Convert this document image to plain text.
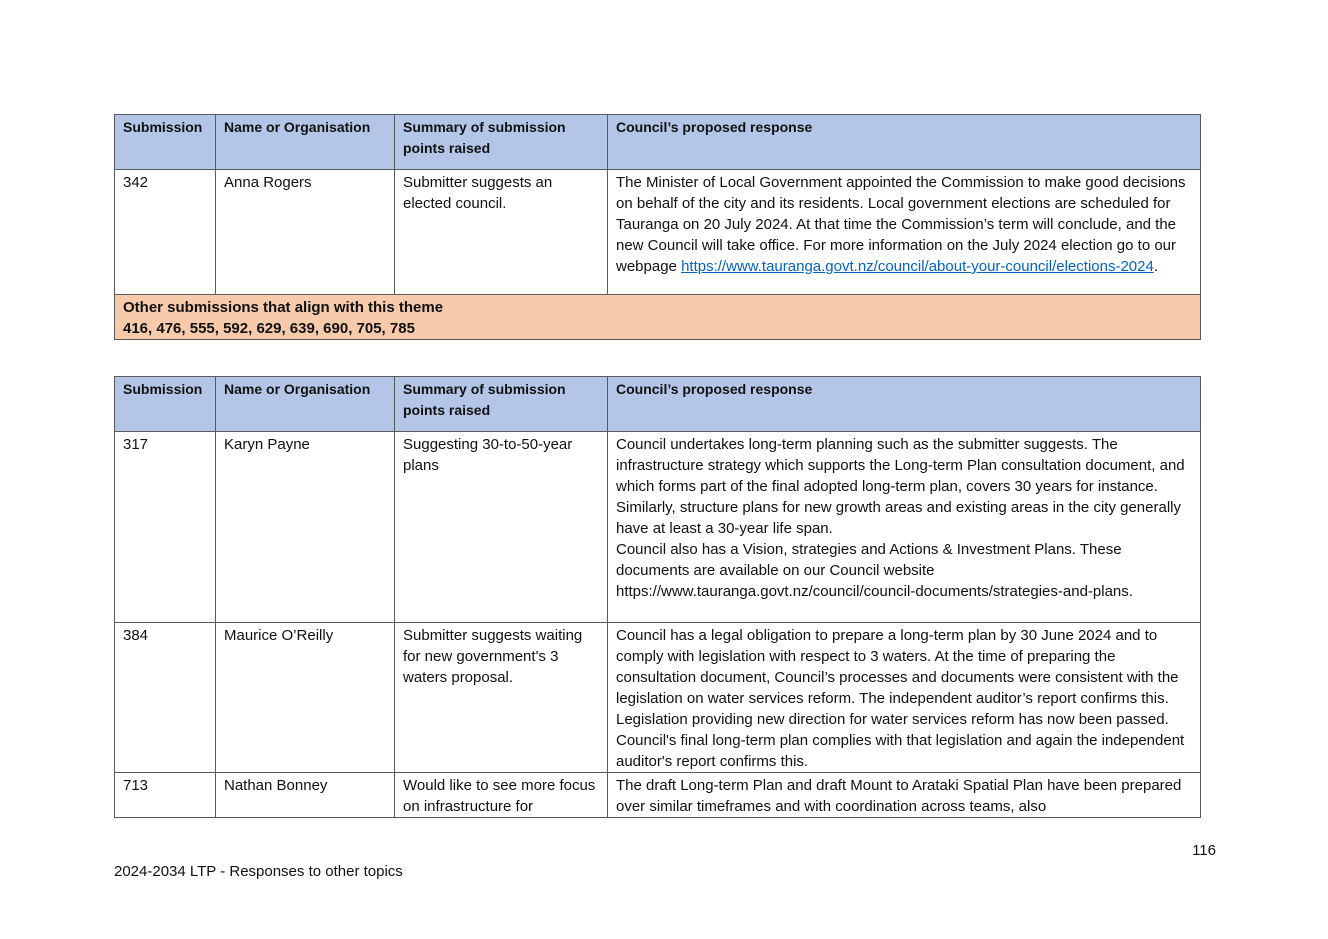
Submission	Name or Organisation	Summary of submission points raised	Council’s proposed response
342	Anna Rogers	Submitter suggests an elected council.	The Minister of Local Government appointed the Commission to make good decisions on behalf of the city and its residents. Local government elections are scheduled for Tauranga on 20 July 2024. At that time the Commission’s term will conclude, and the new Council will take office. For more information on the July 2024 election go to our webpage https://www.tauranga.govt.nz/council/about-your-council/elections-2024.

Other submissions that align with this theme
416, 476, 555, 592, 629, 639, 690, 705, 785			
Submission	Name or Organisation	Summary of submission points raised	Council’s proposed response
317	Karyn Payne	Suggesting 30-to-50-year plans	Council undertakes long-term planning such as the submitter suggests. The infrastructure strategy which supports the Long-term Plan consultation document, and which forms part of the final adopted long-term plan, covers 30 years for instance. Similarly, structure plans for new growth areas and existing areas in the city generally have at least a 30-year life span.
Council also has a Vision, strategies and Actions & Investment Plans. These documents are available on our Council website https://www.tauranga.govt.nz/council/council-documents/strategies-and-plans.

384	Maurice O’Reilly	Submitter suggests waiting for new government's 3 waters proposal.	Council has a legal obligation to prepare a long-term plan by 30 June 2024 and to comply with legislation with respect to 3 waters. At the time of preparing the consultation document, Council’s processes and documents were consistent with the legislation on water services reform. The independent auditor’s report confirms this. Legislation providing new direction for water services reform has now been passed. Council's final long-term plan complies with that legislation and again the independent auditor's report confirms this.
713	Nathan Bonney	Would like to see more focus on infrastructure for	The draft Long-term Plan and draft Mount to Arataki Spatial Plan have been prepared over similar timeframes and with coordination across teams, also
116
2024-2034 LTP - Responses to other topics
